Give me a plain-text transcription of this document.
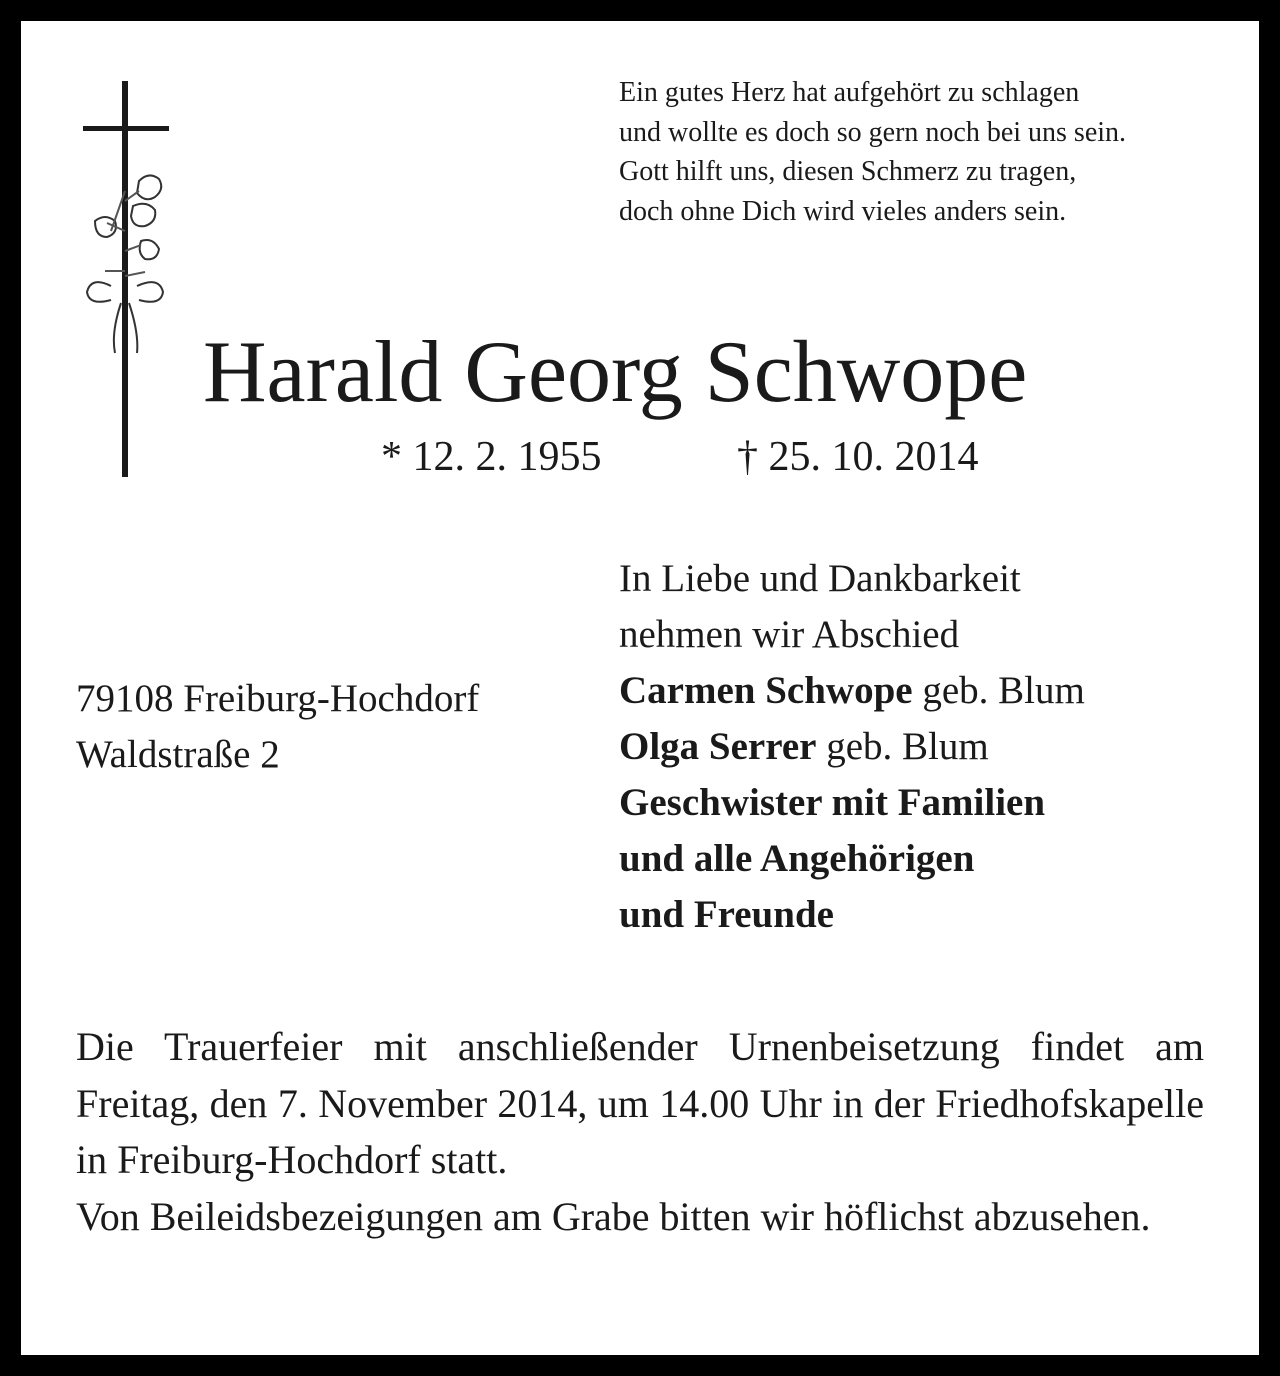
Ein gutes Herz hat aufgehört zu schlagen
und wollte es doch so gern noch bei uns sein.
Gott hilft uns, diesen Schmerz zu tragen,
doch ohne Dich wird vieles anders sein.
Harald Georg Schwope
* 12. 2. 1955	† 25. 10. 2014
In Liebe und Dankbarkeit
nehmen wir Abschied
Carmen Schwope geb. Blum
Olga Serrer geb. Blum
Geschwister mit Familien
und alle Angehörigen
und Freunde
79108 Freiburg-Hochdorf
Waldstraße 2
Die Trauerfeier mit anschließender Urnenbeisetzung findet am Freitag, den 7. November 2014, um 14.00 Uhr in der Friedhofskapelle in Freiburg-Hochdorf statt.
Von Beileidsbezeigungen am Grabe bitten wir höflichst abzusehen.
